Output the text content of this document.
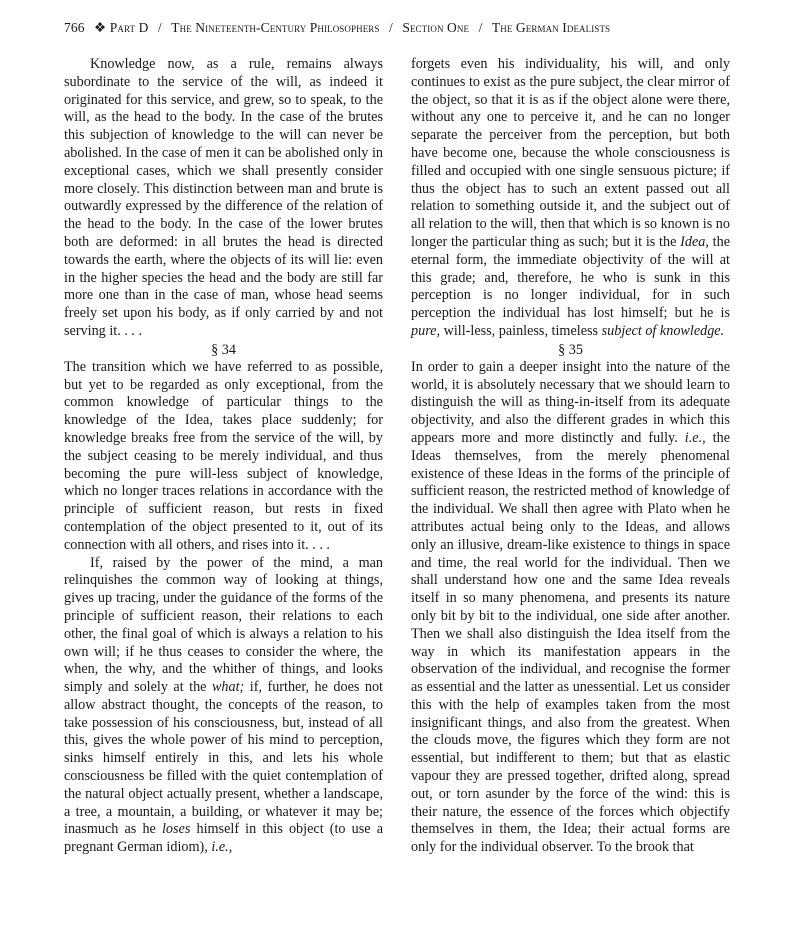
766 ❖ Part D / The Nineteenth-Century Philosophers / Section One / The German Idealists

Knowledge now, as a rule, remains always subordinate to the service of the will, as indeed it originated for this service, and grew, so to speak, to the will, as the head to the body. In the case of the brutes this subjection of knowledge to the will can never be abolished. In the case of men it can be abolished only in exceptional cases, which we shall presently consider more closely. This distinction between man and brute is outwardly expressed by the difference of the relation of the head to the body. In the case of the lower brutes both are deformed: in all brutes the head is directed towards the earth, where the objects of its will lie: even in the higher species the head and the body are still far more one than in the case of man, whose head seems freely set upon his body, as if only carried by and not serving it. . . .

§ 34

The transition which we have referred to as possible, but yet to be regarded as only exceptional, from the common knowledge of particular things to the knowledge of the Idea, takes place suddenly; for knowledge breaks free from the service of the will, by the subject ceasing to be merely individual, and thus becoming the pure will-less subject of knowledge, which no longer traces relations in accordance with the principle of sufficient reason, but rests in fixed contemplation of the object presented to it, out of its connection with all others, and rises into it. . . .

If, raised by the power of the mind, a man relinquishes the common way of looking at things, gives up tracing, under the guidance of the forms of the principle of sufficient reason, their relations to each other, the final goal of which is always a relation to his own will; if he thus ceases to consider the where, the when, the why, and the whither of things, and looks simply and solely at the what; if, further, he does not allow abstract thought, the concepts of the reason, to take possession of his consciousness, but, instead of all this, gives the whole power of his mind to perception, sinks himself entirely in this, and lets his whole consciousness be filled with the quiet contemplation of the natural object actually present, whether a landscape, a tree, a mountain, a building, or whatever it may be; inasmuch as he loses himself in this object (to use a pregnant German idiom), i.e.,

forgets even his individuality, his will, and only continues to exist as the pure subject, the clear mirror of the object, so that it is as if the object alone were there, without any one to perceive it, and he can no longer separate the perceiver from the perception, but both have become one, because the whole consciousness is filled and occupied with one single sensuous picture; if thus the object has to such an extent passed out all relation to something outside it, and the subject out of all relation to the will, then that which is so known is no longer the particular thing as such; but it is the Idea, the eternal form, the immediate objectivity of the will at this grade; and, therefore, he who is sunk in this perception is no longer individual, for in such perception the individual has lost himself; but he is pure, will-less, painless, timeless subject of knowledge.

§ 35

In order to gain a deeper insight into the nature of the world, it is absolutely necessary that we should learn to distinguish the will as thing-in-itself from its adequate objectivity, and also the different grades in which this appears more and more distinctly and fully. i.e., the Ideas themselves, from the merely phenomenal existence of these Ideas in the forms of the principle of sufficient reason, the restricted method of knowledge of the individual. We shall then agree with Plato when he attributes actual being only to the Ideas, and allows only an illusive, dream-like existence to things in space and time, the real world for the individual. Then we shall understand how one and the same Idea reveals itself in so many phenomena, and presents its nature only bit by bit to the individual, one side after another. Then we shall also distinguish the Idea itself from the way in which its manifestation appears in the observation of the individual, and recognise the former as essential and the latter as unessential. Let us consider this with the help of examples taken from the most insignificant things, and also from the greatest. When the clouds move, the figures which they form are not essential, but indifferent to them; but that as elastic vapour they are pressed together, drifted along, spread out, or torn asunder by the force of the wind: this is their nature, the essence of the forces which objectify themselves in them, the Idea; their actual forms are only for the individual observer. To the brook that
